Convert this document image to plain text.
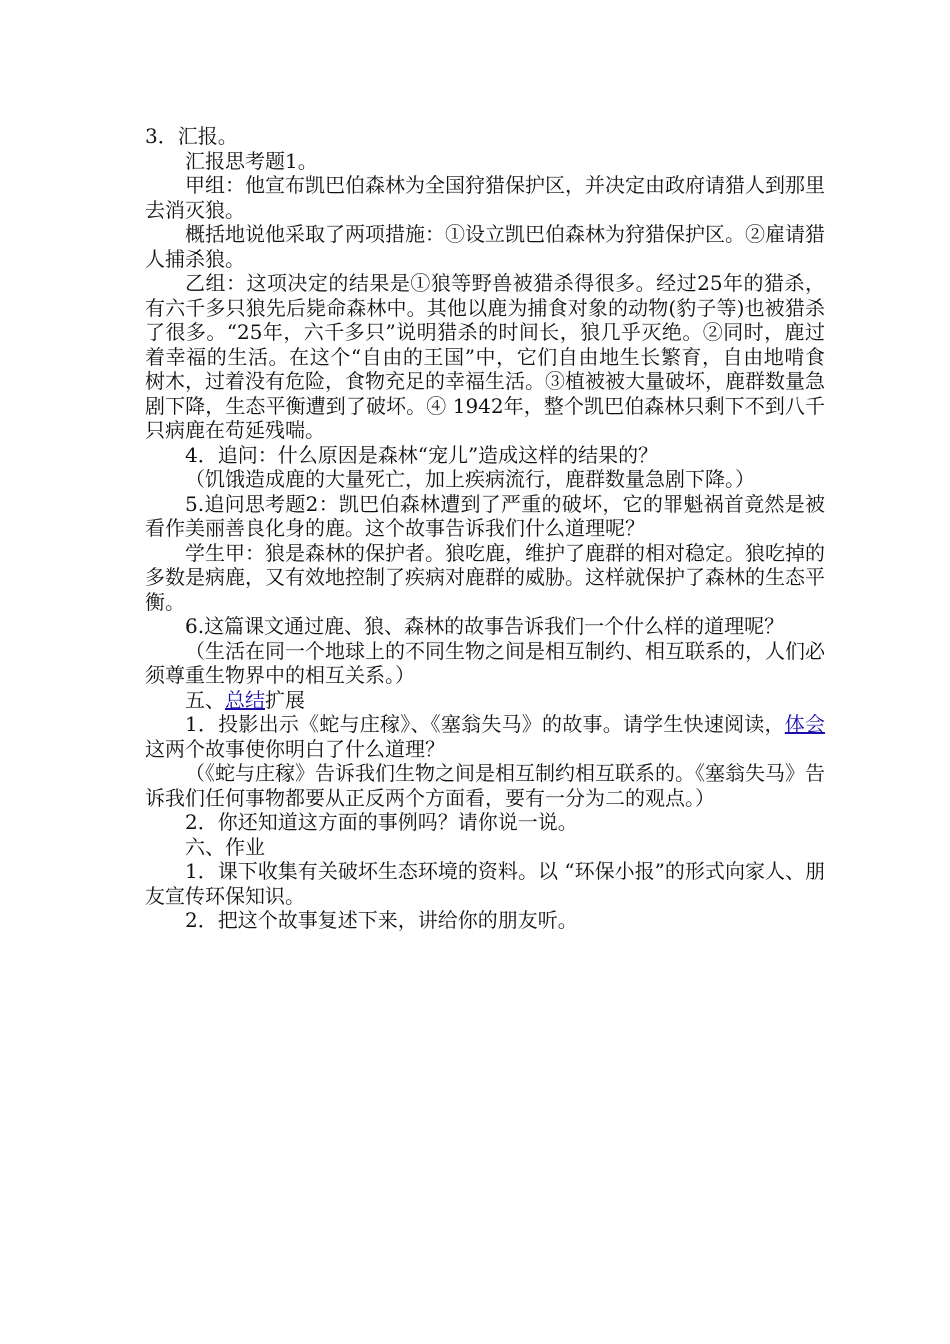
3．汇报。

汇报思考题1。

甲组：他宣布凯巴伯森林为全国狩猎保护区，并决定由政府请猎人到那里去消灭狼。

概括地说他采取了两项措施：①设立凯巴伯森林为狩猎保护区。②雇请猎人捕杀狼。

乙组：这项决定的结果是①狼等野兽被猎杀得很多。经过25年的猎杀，有六千多只狼先后毙命森林中。其他以鹿为捕食对象的动物(豹子等)也被猎杀了很多。“25年，六千多只”说明猎杀的时间长，狼几乎灭绝。②同时，鹿过着幸福的生活。在这个“自由的王国”中，它们自由地生长繁育，自由地啃食树木，过着没有危险，食物充足的幸福生活。③植被被大量破坏，鹿群数量急剧下降，生态平衡遭到了破坏。④ 1942年，整个凯巴伯森林只剩下不到八千只病鹿在苟延残喘。

4．追问：什么原因是森林“宠儿”造成这样的结果的？

（饥饿造成鹿的大量死亡，加上疾病流行，鹿群数量急剧下降。）

5.追问思考题2：凯巴伯森林遭到了严重的破坏，它的罪魁祸首竟然是被看作美丽善良化身的鹿。这个故事告诉我们什么道理呢？

学生甲：狼是森林的保护者。狼吃鹿，维护了鹿群的相对稳定。狼吃掉的多数是病鹿，又有效地控制了疾病对鹿群的威胁。这样就保护了森林的生态平衡。

6.这篇课文通过鹿、狼、森林的故事告诉我们一个什么样的道理呢？

（生活在同一个地球上的不同生物之间是相互制约、相互联系的，人们必须尊重生物界中的相互关系。）

五、总结扩展

1．投影出示《蛇与庄稼》、《塞翁失马》的故事。请学生快速阅读，体会这两个故事使你明白了什么道理？

（《蛇与庄稼》告诉我们生物之间是相互制约相互联系的。《塞翁失马》告诉我们任何事物都要从正反两个方面看，要有一分为二的观点。）

2．你还知道这方面的事例吗？请你说一说。

六、作业

1．课下收集有关破坏生态环境的资料。以 “环保小报”的形式向家人、朋友宣传环保知识。

2．把这个故事复述下来，讲给你的朋友听。
